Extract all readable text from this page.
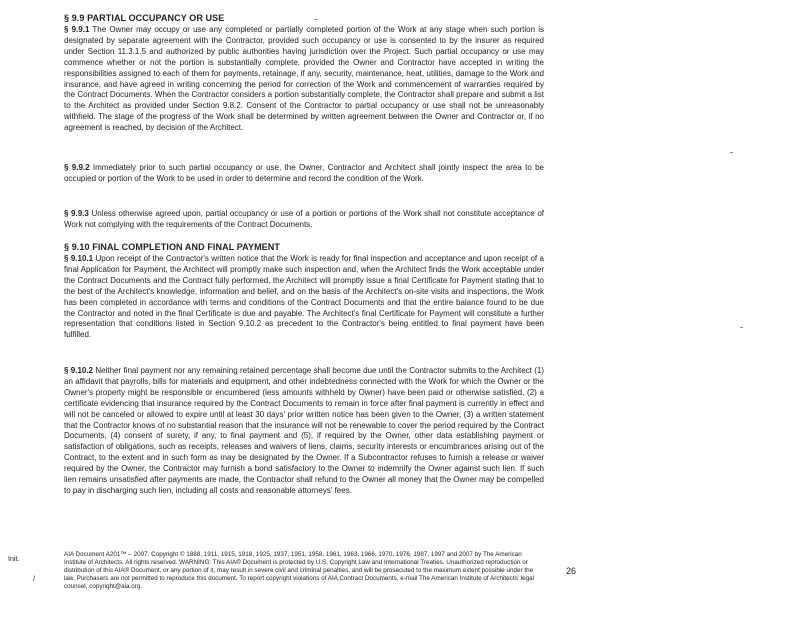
§ 9.9 PARTIAL OCCUPANCY OR USE
§ 9.9.1 The Owner may occupy or use any completed or partially completed portion of the Work at any stage when such portion is designated by separate agreement with the Contractor, provided such occupancy or use is consented to by the insurer as required under Section 11.3.1.5 and authorized by public authorities having jurisdiction over the Project. Such partial occupancy or use may commence whether or not the portion is substantially complete, provided the Owner and Contractor have accepted in writing the responsibilities assigned to each of them for payments, retainage, if any, security, maintenance, heat, utilities, damage to the Work and insurance, and have agreed in writing concerning the period for correction of the Work and commencement of warranties required by the Contract Documents. When the Contractor considers a portion substantially complete, the Contractor shall prepare and submit a list to the Architect as provided under Section 9.8.2. Consent of the Contractor to partial occupancy or use shall not be unreasonably withheld. The stage of the progress of the Work shall be determined by written agreement between the Owner and Contractor or, if no agreement is reached, by decision of the Architect.
§ 9.9.2 Immediately prior to such partial occupancy or use, the Owner, Contractor and Architect shall jointly inspect the area to be occupied or portion of the Work to be used in order to determine and record the condition of the Work.
§ 9.9.3 Unless otherwise agreed upon, partial occupancy or use of a portion or portions of the Work shall not constitute acceptance of Work not complying with the requirements of the Contract Documents.
§ 9.10 FINAL COMPLETION AND FINAL PAYMENT
§ 9.10.1 Upon receipt of the Contractor's written notice that the Work is ready for final inspection and acceptance and upon receipt of a final Application for Payment, the Architect will promptly make such inspection and, when the Architect finds the Work acceptable under the Contract Documents and the Contract fully performed, the Architect will promptly issue a final Certificate for Payment stating that to the best of the Architect's knowledge, information and belief, and on the basis of the Architect's on-site visits and inspections, the Work has been completed in accordance with terms and conditions of the Contract Documents and that the entire balance found to be due the Contractor and noted in the final Certificate is due and payable. The Architect's final Certificate for Payment will constitute a further representation that conditions listed in Section 9.10.2 as precedent to the Contractor's being entitled to final payment have been fulfilled.
§ 9.10.2 Neither final payment nor any remaining retained percentage shall become due until the Contractor submits to the Architect (1) an affidavit that payrolls, bills for materials and equipment, and other indebtedness connected with the Work for which the Owner or the Owner's property might be responsible or encumbered (less amounts withheld by Owner) have been paid or otherwise satisfied, (2) a certificate evidencing that insurance required by the Contract Documents to remain in force after final payment is currently in effect and will not be canceled or allowed to expire until at least 30 days' prior written notice has been given to the Owner, (3) a written statement that the Contractor knows of no substantial reason that the insurance will not be renewable to cover the period required by the Contract Documents, (4) consent of surety, if any, to final payment and (5), if required by the Owner, other data establishing payment or satisfaction of obligations, such as receipts, releases and waivers of liens, claims, security interests or encumbrances arising out of the Contract, to the extent and in such form as may be designated by the Owner. If a Subcontractor refuses to furnish a release or waiver required by the Owner, the Contractor may furnish a bond satisfactory to the Owner to indemnify the Owner against such lien. If such lien remains unsatisfied after payments are made, the Contractor shall refund to the Owner all money that the Owner may be compelled to pay in discharging such lien, including all costs and reasonable attorneys' fees.
Init.
/
AIA Document A201™ – 2007. Copyright © 1888, 1911, 1915, 1918, 1925, 1937, 1951, 1958, 1961, 1963, 1966, 1970, 1976, 1987, 1997 and 2007 by The American Institute of Architects. All rights reserved. WARNING: This AIA® Document is protected by U.S. Copyright Law and International Treaties. Unauthorized reproduction or distribution of this AIA® Document, or any portion of it, may result in severe civil and criminal penalties, and will be prosecuted to the maximum extent possible under the law. Purchasers are not permitted to reproduce this document. To report copyright violations of AIA Contract Documents, e-mail The American Institute of Architects' legal counsel, copyright@aia.org.
26
